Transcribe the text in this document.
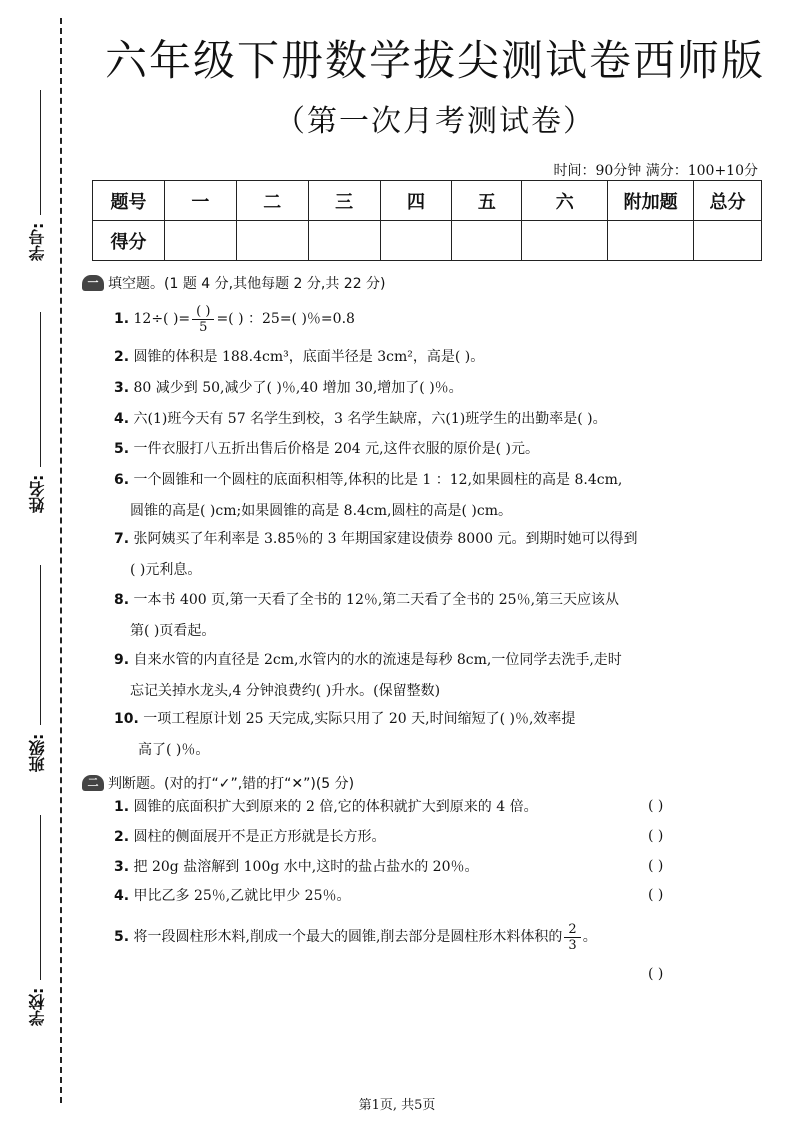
学号:
姓名:
班级:
学校:
六年级下册数学拔尖测试卷西师版
（第一次月考测试卷）
时间：90分钟 满分：100+10分
题号	一	二	三	四	五	六	附加题	总分
得分								
一 填空题。(1 题 4 分,其他每题 2 分,共 22 分)
1. 12÷( )= $\frac{( )}{5}$ =( ) ：25=( )％=0.8
2. 圆锥的体积是 188.4cm³，底面半径是 3cm²，高是( )。
3. 80 减少到 50,减少了( )％,40 增加 30,增加了( )％。
4. 六(1)班今天有 57 名学生到校，3 名学生缺席，六(1)班学生的出勤率是( )。
5. 一件衣服打八五折出售后价格是 204 元,这件衣服的原价是( )元。
6. 一个圆锥和一个圆柱的底面积相等,体积的比是 1 ：12,如果圆柱的高是 8.4cm,
圆锥的高是( )cm;如果圆锥的高是 8.4cm,圆柱的高是( )cm。
7. 张阿姨买了年利率是 3.85％的 3 年期国家建设债券 8000 元。到期时她可以得到
( )元利息。
8. 一本书 400 页,第一天看了全书的 12％,第二天看了全书的 25％,第三天应该从
第( )页看起。
9. 自来水管的内直径是 2cm,水管内的水的流速是每秒 8cm,一位同学去洗手,走时
忘记关掉水龙头,4 分钟浪费约( )升水。(保留整数)
10. 一项工程原计划 25 天完成,实际只用了 20 天,时间缩短了( )％,效率提
高了( )％。
二 判断题。(对的打“✓”,错的打“✕”)(5 分)
1. 圆锥的底面积扩大到原来的 2 倍,它的体积就扩大到原来的 4 倍。	( )
2. 圆柱的侧面展开不是正方形就是长方形。	( )
3. 把 20g 盐溶解到 100g 水中,这时的盐占盐水的 20％。	( )
4. 甲比乙多 25％,乙就比甲少 25％。	( )
5. 将一段圆柱形木料,削成一个最大的圆锥,削去部分是圆柱形木料体积的 $\frac{2}{3}$ 。
( )
第1页, 共5页
